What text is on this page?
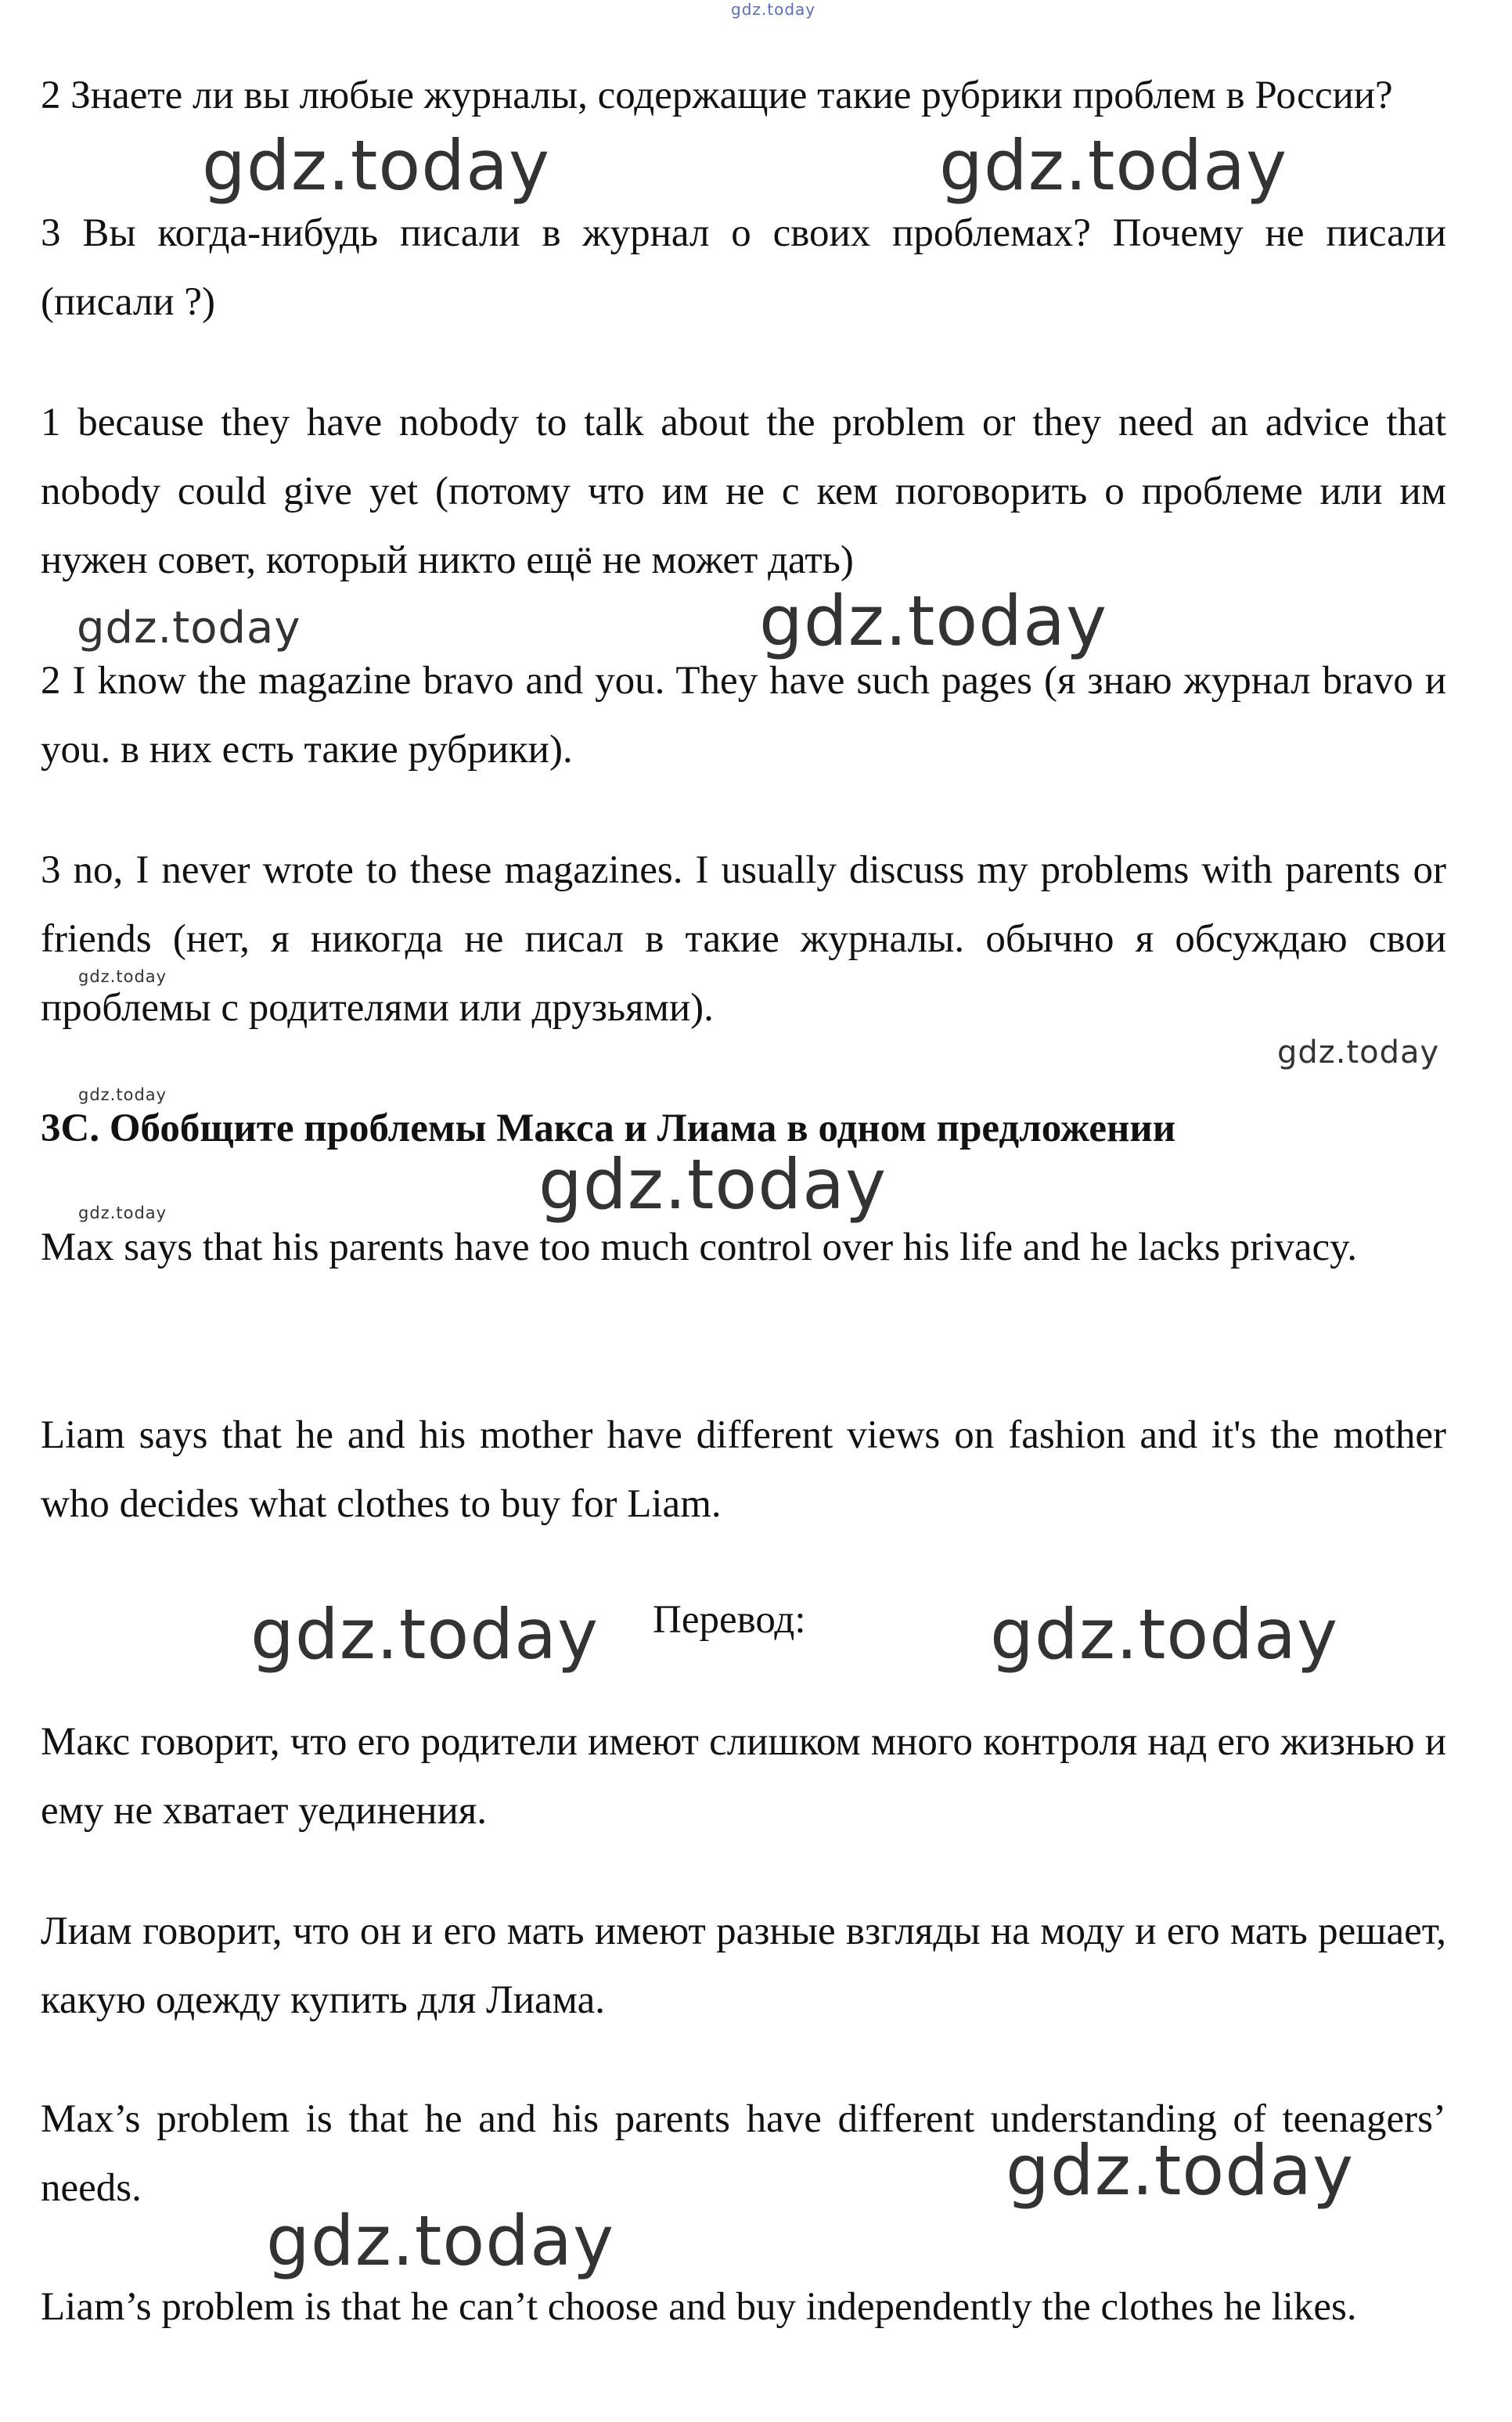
gdz.today
gdz.today	gdz.today
gdz.today	gdz.today
gdz.today
gdz.today
gdz.today
gdz.today
gdz.today
gdz.today	gdz.today
gdz.today
gdz.today

2 Знаете ли вы любые журналы, содержащие такие рубрики проблем в России?

3 Вы когда-нибудь писали в журнал о своих проблемах? Почему не писали (писали ?)

1 because they have nobody to talk about the problem or they need an advice that nobody could give yet (потому что им не с кем поговорить о проблеме или им нужен совет, который никто ещё не может дать)

2 I know the magazine bravo and you. They have such pages (я знаю журнал bravo и you. в них есть такие рубрики).

3 no, I never wrote to these magazines. I usually discuss my problems with parents or friends (нет, я никогда не писал в такие журналы. обычно я обсуждаю свои проблемы с родителями или друзьями).

3C. Обобщите проблемы Макса и Лиама в одном предложении

Max says that his parents have too much control over his life and he lacks privacy.

Liam says that he and his mother have different views on fashion and it's the mother who decides what clothes to buy for Liam.

Перевод:

Макс говорит, что его родители имеют слишком много контроля над его жизнью и ему не хватает уединения.

Лиам говорит, что он и его мать имеют разные взгляды на моду и его мать решает, какую одежду купить для Лиама.

Max’s problem is that he and his parents have different understanding of teenagers’ needs.

Liam’s problem is that he can’t choose and buy independently the clothes he likes.
